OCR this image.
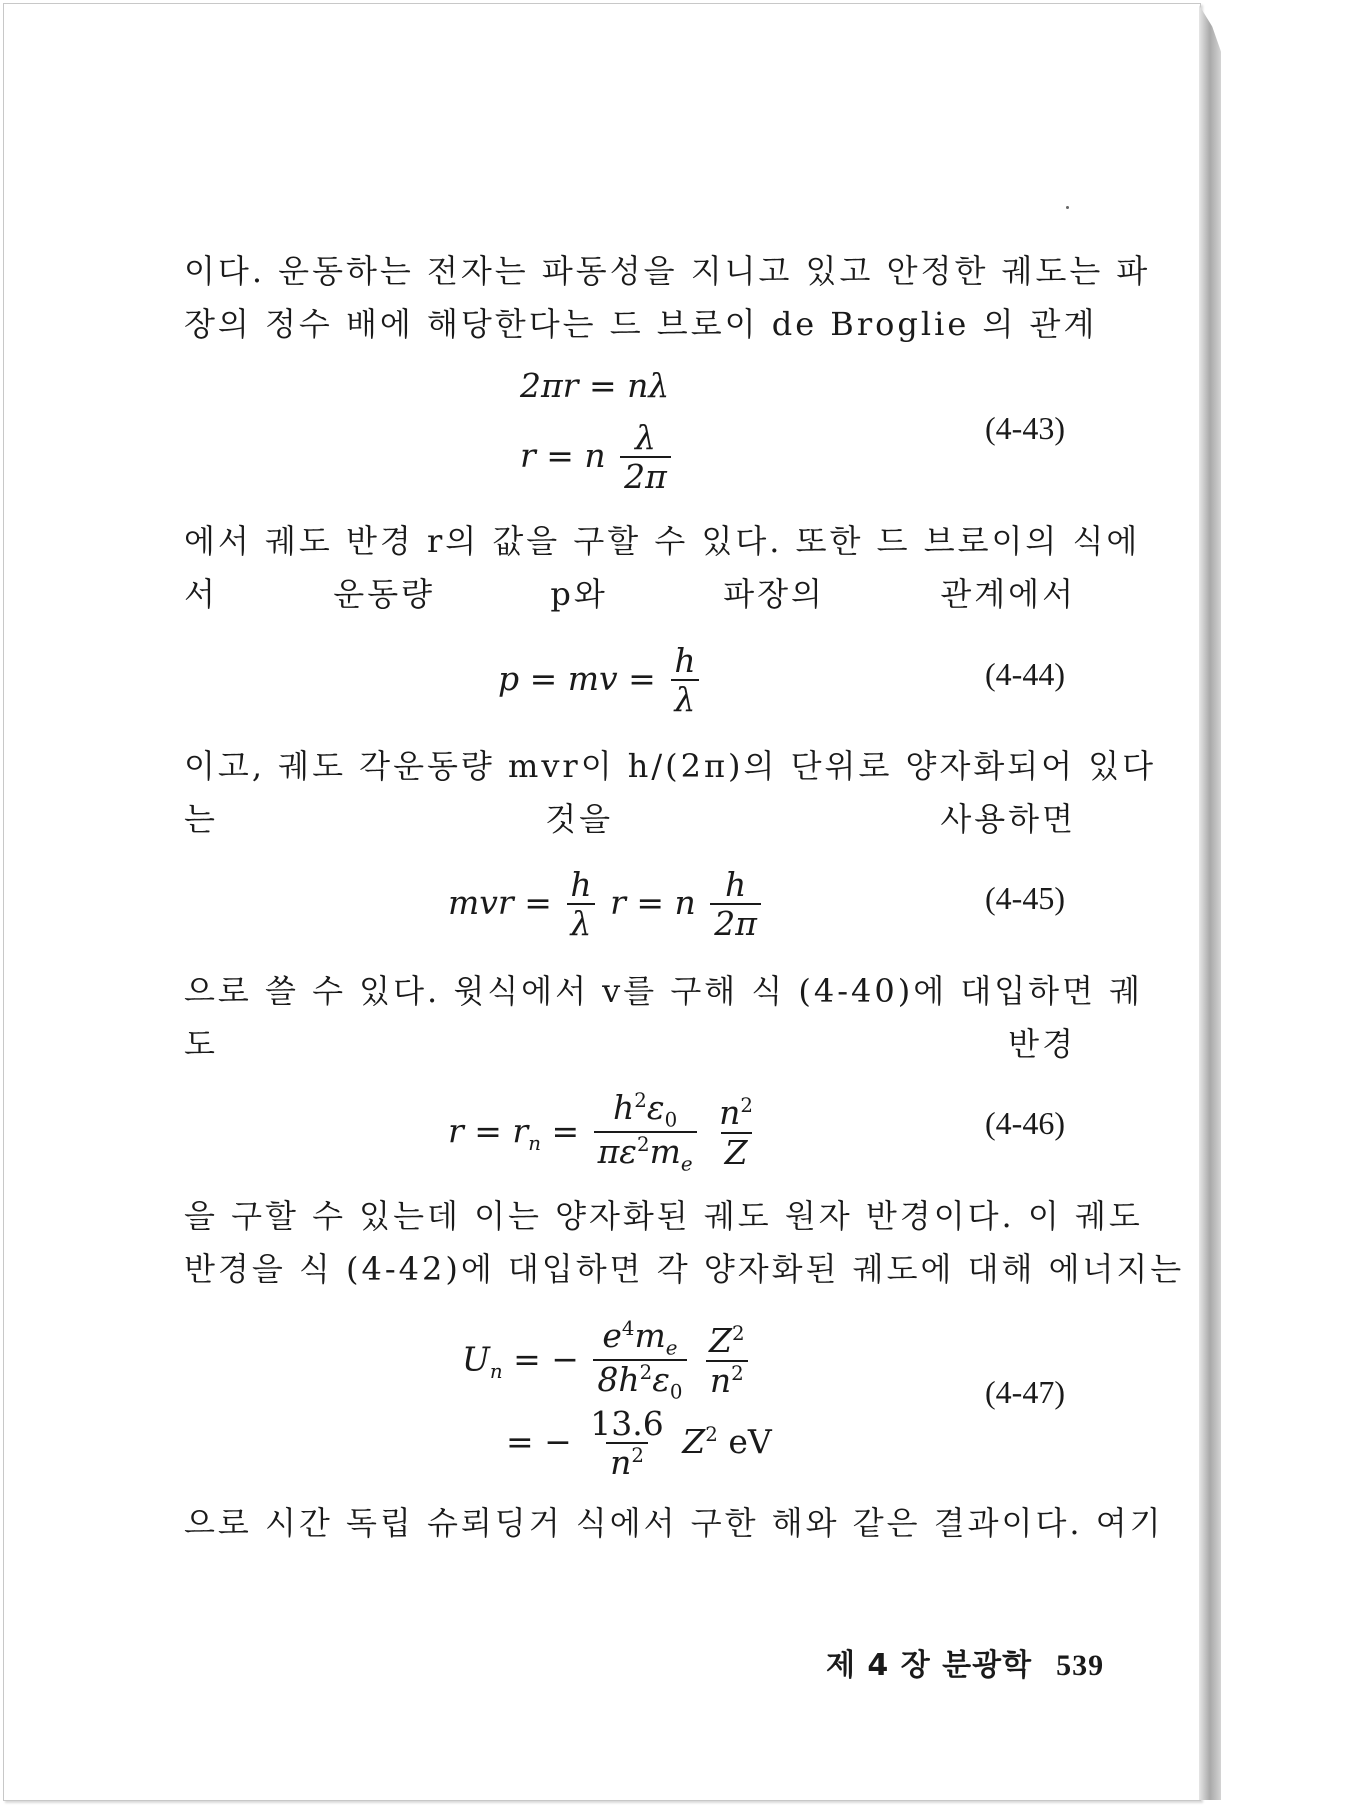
이다. 운동하는 전자는 파동성을 지니고 있고 안정한 궤도는 파
장의 정수 배에 해당한다는 드 브로이 de Broglie 의 관계
2πr = nλ
r = n $\frac{\lambda}{2\pi}$	(4-43)
에서 궤도 반경 r의 값을 구할 수 있다. 또한 드 브로이의 식에
서 운동량 p와 파장의 관계에서
p = mv = $\frac{h}{\lambda}$	(4-44)
이고, 궤도 각운동량 mvr이 h/(2π)의 단위로 양자화되어 있다
는 것을 사용하면
mvr = $\frac{h}{\lambda}$ r = n $\frac{h}{2\pi}$	(4-45)
으로 쓸 수 있다. 윗식에서 v를 구해 식 (4-40)에 대입하면 궤
도 반경
$r = r_n = \frac{h^2\varepsilon_0}{\pi\varepsilon^2m_e}$
$\frac{n^2}{Z}$	(4-46)
을 구할 수 있는데 이는 양자화된 궤도 원자 반경이다. 이 궤도
반경을 식 (4-42)에 대입하면 각 양자화된 궤도에 대해 에너지는
$U_n$ = − $\frac{e^4m_e}{8h^2\varepsilon_0}$
$\frac{Z^2}{n^2}$
= − $\frac{13.6}{n^2} Z^2$ eV
(4-47)
으로 시간 독립 슈뢰딩거 식에서 구한 해와 같은 결과이다. 여기
제 4 장 분광학 539
